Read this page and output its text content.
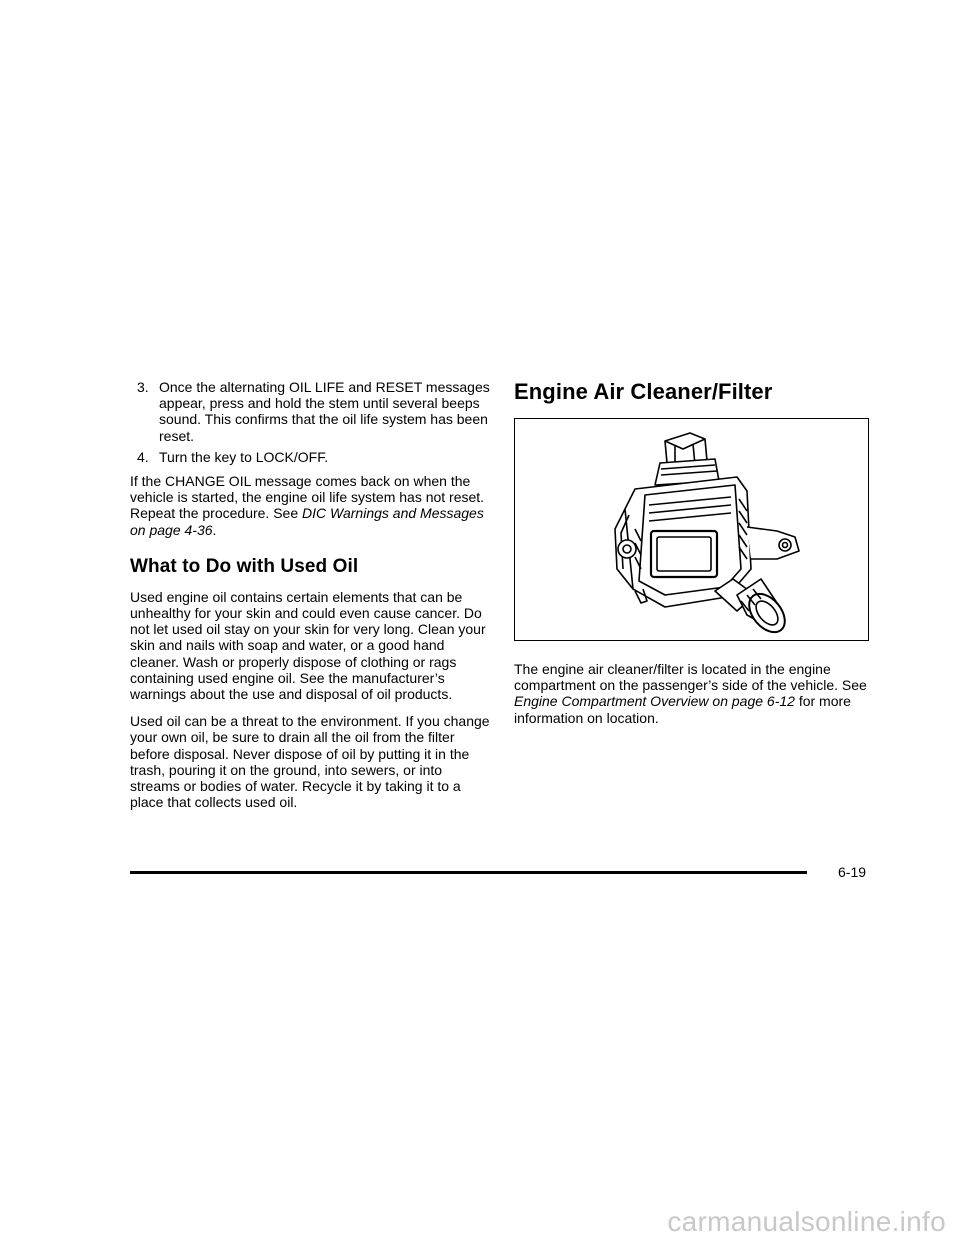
3. Once the alternating OIL LIFE and RESET messages appear, press and hold the stem until several beeps sound. This confirms that the oil life system has been reset.
4. Turn the key to LOCK/OFF.

If the CHANGE OIL message comes back on when the vehicle is started, the engine oil life system has not reset. Repeat the procedure. See DIC Warnings and Messages on page 4-36.

What to Do with Used Oil

Used engine oil contains certain elements that can be unhealthy for your skin and could even cause cancer. Do not let used oil stay on your skin for very long. Clean your skin and nails with soap and water, or a good hand cleaner. Wash or properly dispose of clothing or rags containing used engine oil. See the manufacturer’s warnings about the use and disposal of oil products.

Used oil can be a threat to the environment. If you change your own oil, be sure to drain all the oil from the filter before disposal. Never dispose of oil by putting it in the trash, pouring it on the ground, into sewers, or into streams or bodies of water. Recycle it by taking it to a place that collects used oil.

Engine Air Cleaner/Filter

The engine air cleaner/filter is located in the engine compartment on the passenger’s side of the vehicle. See Engine Compartment Overview on page 6-12 for more information on location.

6-19
carmanualsonline.info
